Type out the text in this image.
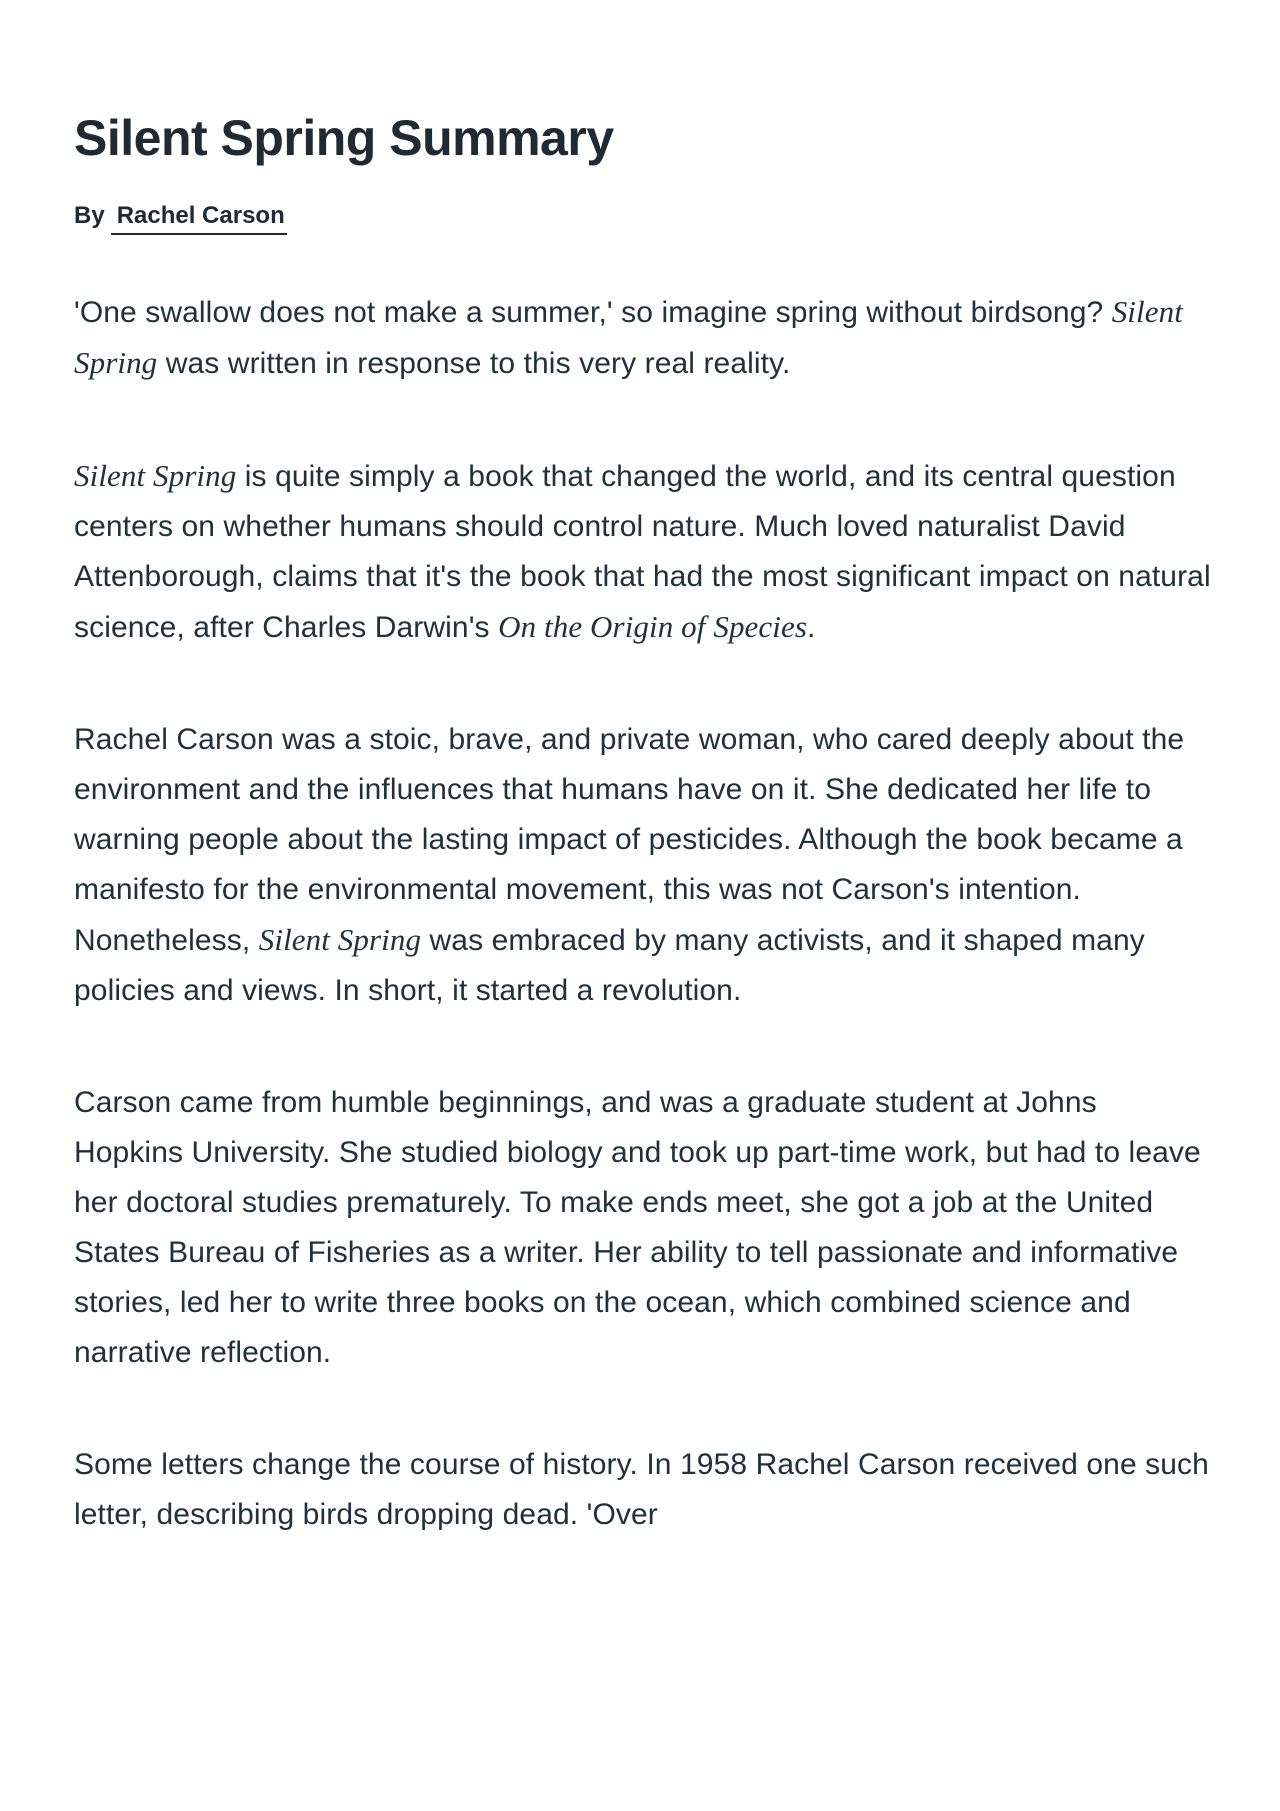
Silent Spring Summary
By Rachel Carson

'One swallow does not make a summer,' so imagine spring without birdsong? Silent Spring was written in response to this very real reality.

Silent Spring is quite simply a book that changed the world, and its central question centers on whether humans should control nature. Much loved naturalist David Attenborough, claims that it's the book that had the most significant impact on natural science, after Charles Darwin's On the Origin of Species.

Rachel Carson was a stoic, brave, and private woman, who cared deeply about the environment and the influences that humans have on it. She dedicated her life to warning people about the lasting impact of pesticides. Although the book became a manifesto for the environmental movement, this was not Carson's intention. Nonetheless, Silent Spring was embraced by many activists, and it shaped many policies and views. In short, it started a revolution.

Carson came from humble beginnings, and was a graduate student at Johns Hopkins University. She studied biology and took up part-time work, but had to leave her doctoral studies prematurely. To make ends meet, she got a job at the United States Bureau of Fisheries as a writer. Her ability to tell passionate and informative stories, led her to write three books on the ocean, which combined science and narrative reflection.

Some letters change the course of history. In 1958 Rachel Carson received one such letter, describing birds dropping dead. 'Over
